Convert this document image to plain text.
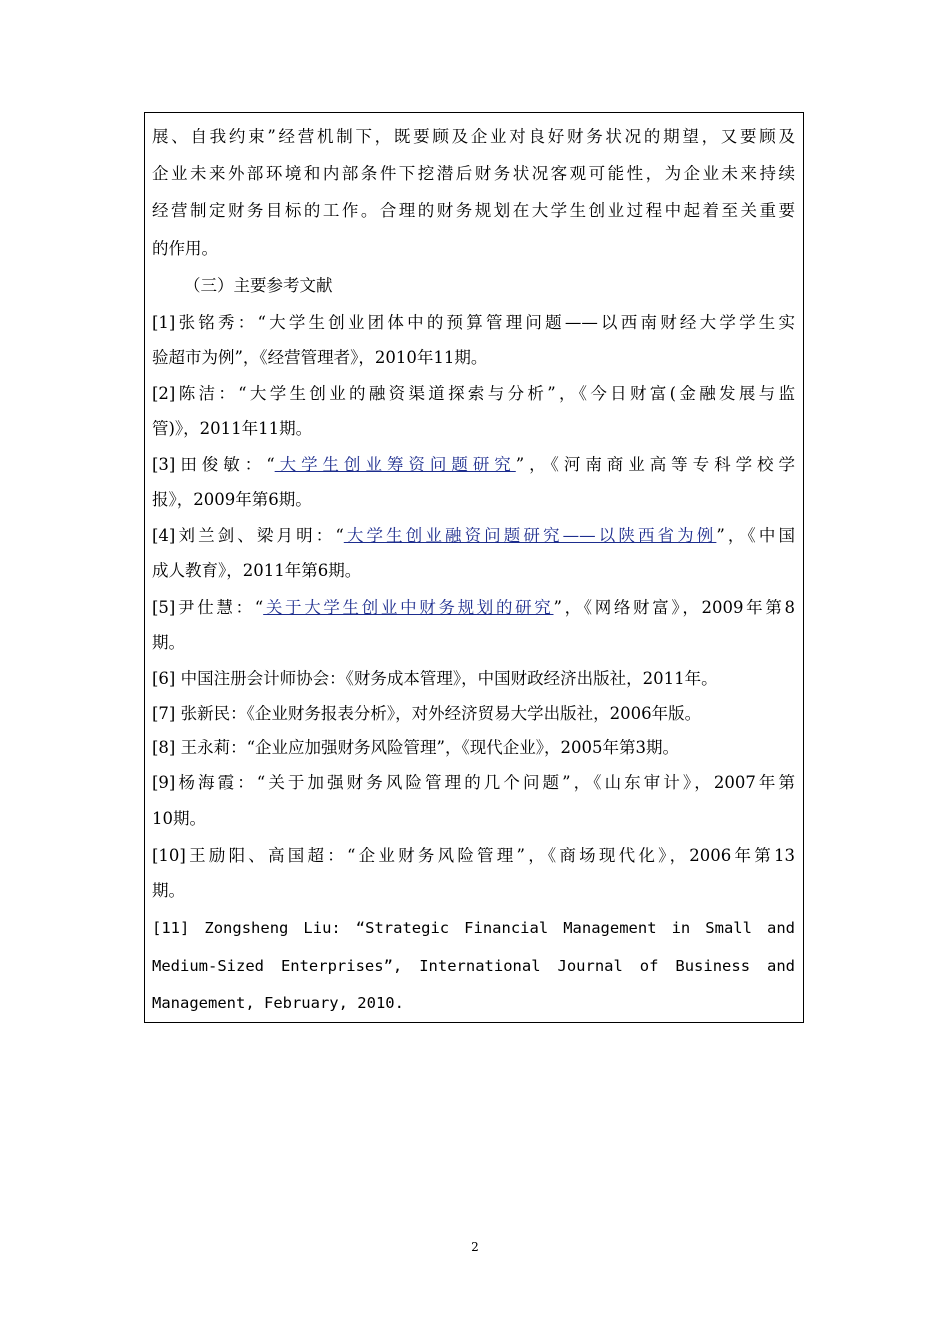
展、自我约束”经营机制下，既要顾及企业对良好财务状况的期望，又要顾及
企业未来外部环境和内部条件下挖潜后财务状况客观可能性，为企业未来持续
经营制定财务目标的工作。合理的财务规划在大学生创业过程中起着至关重要
的作用。
（三）主要参考文献
[1]张铭秀：“大学生创业团体中的预算管理问题——以西南财经大学学生实
验超市为例”，《经营管理者》，2010年11期。
[2]陈洁：“大学生创业的融资渠道探索与分析”，《今日财富(金融发展与监
管)》，2011年11期。
[3]田俊敏：“大学生创业筹资问题研究”，《河南商业高等专科学校学
报》，2009年第6期。
[4]刘兰剑、梁月明：“大学生创业融资问题研究——以陕西省为例”，《中国
成人教育》，2011年第6期。
[5]尹仕慧：“关于大学生创业中财务规划的研究”，《网络财富》，2009年第8
期。
[6] 中国注册会计师协会：《财务成本管理》，中国财政经济出版社，2011年。
[7] 张新民：《企业财务报表分析》，对外经济贸易大学出版社，2006年版。
[8] 王永莉：“企业应加强财务风险管理”，《现代企业》，2005年第3期。
[9]杨海霞：“关于加强财务风险管理的几个问题”，《山东审计》，2007年第
10期。
[10]王励阳、高国超：“企业财务风险管理”，《商场现代化》，2006年第13
期。
[11] Zongsheng Liu: “Strategic Financial Management in Small and
Medium-Sized Enterprises”, International Journal of Business and
Management, February, 2010.
2
